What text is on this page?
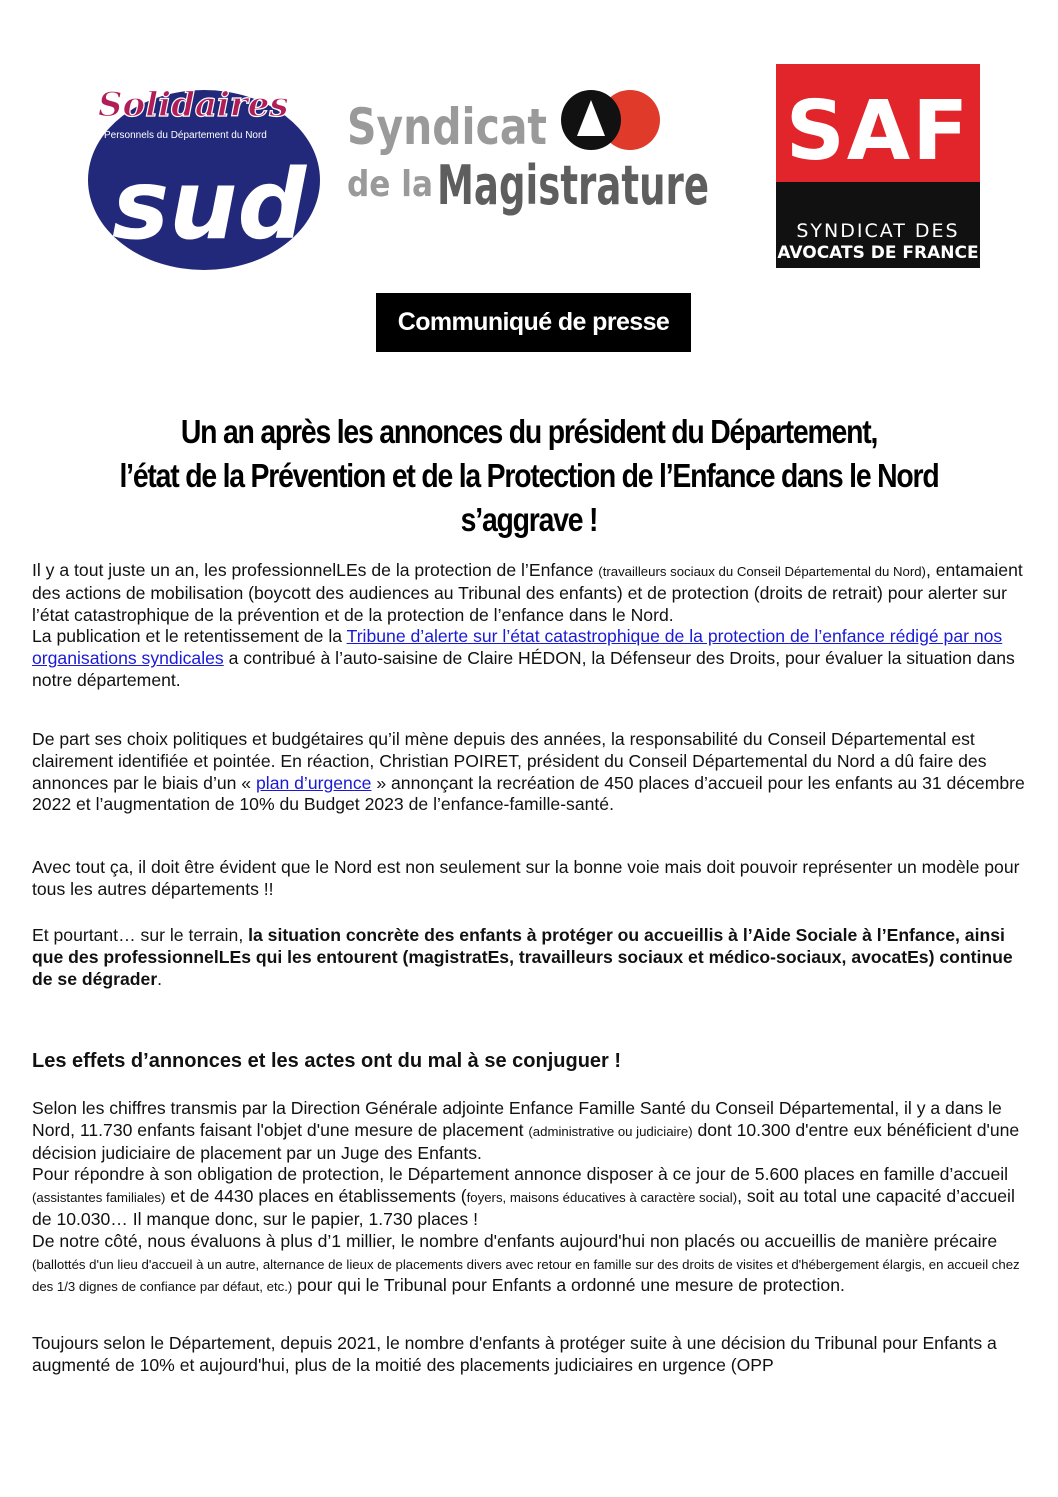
Solidaires
Personnels du Département du Nord
sud
Syndicat
de la Magistrature
SAF
SYNDICAT DES
AVOCATS DE FRANCE
Communiqué de presse
Un an après les annonces du président du Département,
l’état de la Prévention et de la Protection de l’Enfance dans le Nord
s’aggrave !

Il y a tout juste un an, les professionnelLEs de la protection de l’Enfance (travailleurs sociaux du Conseil Départemental du Nord), entamaient des actions de mobilisation (boycott des audiences au Tribunal des enfants) et de protection (droits de retrait) pour alerter sur l’état catastrophique de la prévention et de la protection de l’enfance dans le Nord.

La publication et le retentissement de la Tribune d’alerte sur l’état catastrophique de la protection de l’enfance rédigé par nos organisations syndicales a contribué à l’auto-saisine de Claire HÉDON, la Défenseur des Droits, pour évaluer la situation dans notre département.

De part ses choix politiques et budgétaires qu’il mène depuis des années, la responsabilité du Conseil Départemental est clairement identifiée et pointée. En réaction, Christian POIRET, président du Conseil Départemental du Nord a dû faire des annonces par le biais d’un « plan d’urgence » annonçant la recréation de 450 places d’accueil pour les enfants au 31 décembre 2022 et l’augmentation de 10% du Budget 2023 de l’enfance-famille-santé.

Avec tout ça, il doit être évident que le Nord est non seulement sur la bonne voie mais doit pouvoir représenter un modèle pour tous les autres départements !!

Et pourtant… sur le terrain, la situation concrète des enfants à protéger ou accueillis à l’Aide Sociale à l’Enfance, ainsi que des professionnelLEs qui les entourent (magistratEs, travailleurs sociaux et médico-sociaux, avocatEs) continue de se dégrader.

Les effets d’annonces et les actes ont du mal à se conjuguer !

Selon les chiffres transmis par la Direction Générale adjointe Enfance Famille Santé du Conseil Départemental, il y a dans le Nord, 11.730 enfants faisant l'objet d'une mesure de placement (administrative ou judiciaire) dont 10.300 d'entre eux bénéficient d'une décision judiciaire de placement par un Juge des Enfants.

Pour répondre à son obligation de protection, le Département annonce disposer à ce jour de 5.600 places en famille d’accueil (assistantes familiales) et de 4430 places en établissements (foyers, maisons éducatives à caractère social), soit au total une capacité d’accueil de 10.030… Il manque donc, sur le papier, 1.730 places !

De notre côté, nous évaluons à plus d’1 millier, le nombre d'enfants aujourd'hui non placés ou accueillis de manière précaire (ballottés d'un lieu d'accueil à un autre, alternance de lieux de placements divers avec retour en famille sur des droits de visites et d'hébergement élargis, en accueil chez des 1/3 dignes de confiance par défaut, etc.) pour qui le Tribunal pour Enfants a ordonné une mesure de protection.

Toujours selon le Département, depuis 2021, le nombre d'enfants à protéger suite à une décision du Tribunal pour Enfants a augmenté de 10% et aujourd'hui, plus de la moitié des placements judiciaires en urgence (OPP
